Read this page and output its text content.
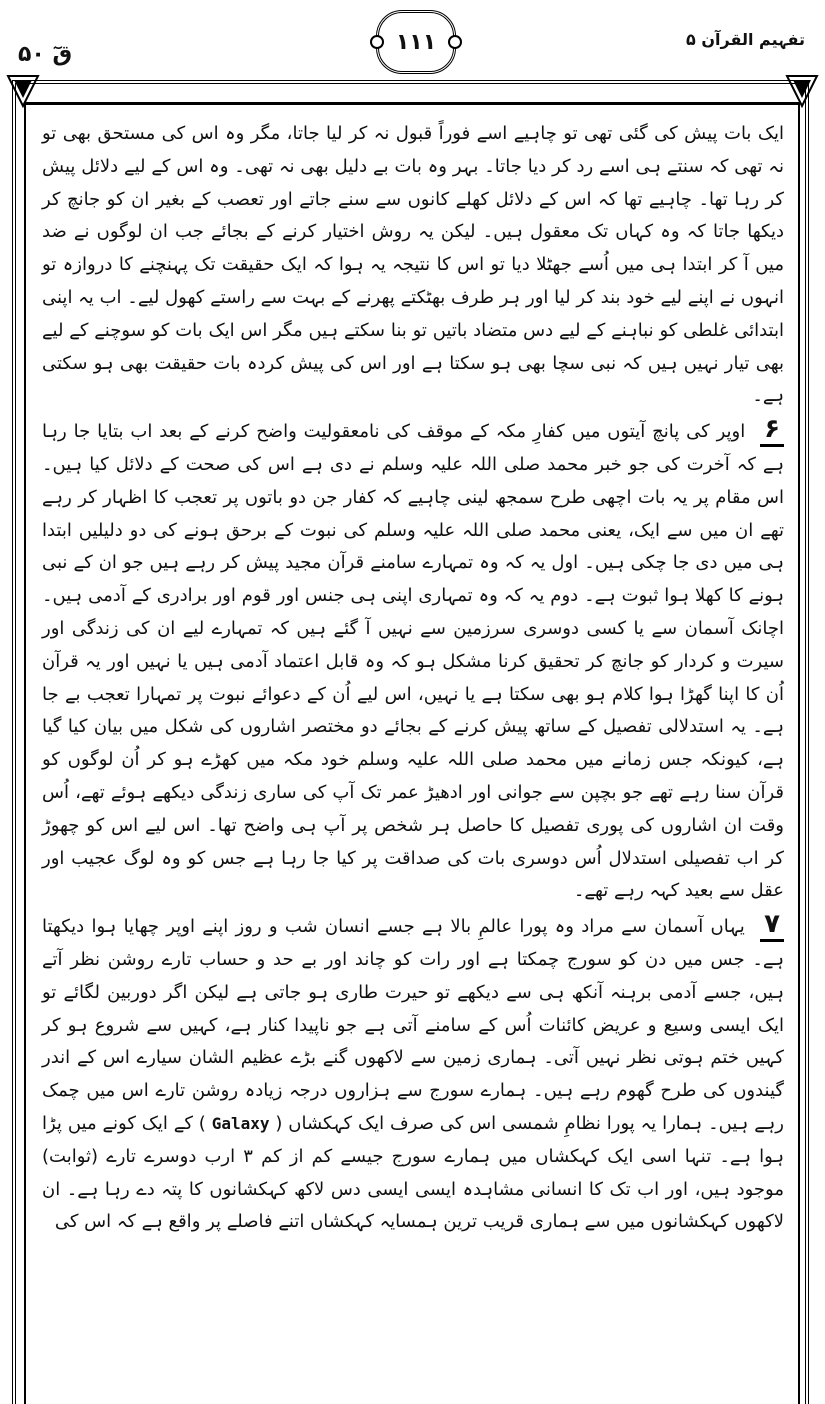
تفہیم القرآن ۵
۱۱۱
قٓ ۵۰

ایک بات پیش کی گئی تھی تو چاہیے اسے فوراً قبول نہ کر لیا جاتا، مگر وہ اس کی مستحق بھی تو نہ تھی کہ سنتے ہی اسے رد کر دیا جاتا۔ بہر وہ بات بے دلیل بھی نہ تھی۔ وہ اس کے لیے دلائل پیش کر رہا تھا۔ چاہیے تھا کہ اس کے دلائل کھلے کانوں سے سنے جاتے اور تعصب کے بغیر ان کو جانچ کر دیکھا جاتا کہ وہ کہاں تک معقول ہیں۔ لیکن یہ روش اختیار کرنے کے بجائے جب ان لوگوں نے ضد میں آ کر ابتدا ہی میں اُسے جھٹلا دیا تو اس کا نتیجہ یہ ہوا کہ ایک حقیقت تک پہنچنے کا دروازہ تو انہوں نے اپنے لیے خود بند کر لیا اور ہر طرف بھٹکتے پھرنے کے بہت سے راستے کھول لیے۔ اب یہ اپنی ابتدائی غلطی کو نباہنے کے لیے دس متضاد باتیں تو بنا سکتے ہیں مگر اس ایک بات کو سوچنے کے لیے بھی تیار نہیں ہیں کہ نبی سچا بھی ہو سکتا ہے اور اس کی پیش کردہ بات حقیقت بھی ہو سکتی ہے۔

۶ اوپر کی پانچ آیتوں میں کفارِ مکہ کے موقف کی نامعقولیت واضح کرنے کے بعد اب بتایا جا رہا ہے کہ آخرت کی جو خبر محمد صلی اللہ علیہ وسلم نے دی ہے اس کی صحت کے دلائل کیا ہیں۔ اس مقام پر یہ بات اچھی طرح سمجھ لینی چاہیے کہ کفار جن دو باتوں پر تعجب کا اظہار کر رہے تھے ان میں سے ایک، یعنی محمد صلی اللہ علیہ وسلم کی نبوت کے برحق ہونے کی دو دلیلیں ابتدا ہی میں دی جا چکی ہیں۔ اول یہ کہ وہ تمہارے سامنے قرآن مجید پیش کر رہے ہیں جو ان کے نبی ہونے کا کھلا ہوا ثبوت ہے۔ دوم یہ کہ وہ تمہاری اپنی ہی جنس اور قوم اور برادری کے آدمی ہیں۔ اچانک آسمان سے یا کسی دوسری سرزمین سے نہیں آ گئے ہیں کہ تمہارے لیے ان کی زندگی اور سیرت و کردار کو جانچ کر تحقیق کرنا مشکل ہو کہ وہ قابل اعتماد آدمی ہیں یا نہیں اور یہ قرآن اُن کا اپنا گھڑا ہوا کلام ہو بھی سکتا ہے یا نہیں، اس لیے اُن کے دعوائے نبوت پر تمہارا تعجب بے جا ہے۔ یہ استدلالی تفصیل کے ساتھ پیش کرنے کے بجائے دو مختصر اشاروں کی شکل میں بیان کیا گیا ہے، کیونکہ جس زمانے میں محمد صلی اللہ علیہ وسلم خود مکہ میں کھڑے ہو کر اُن لوگوں کو قرآن سنا رہے تھے جو بچپن سے جوانی اور ادھیڑ عمر تک آپ کی ساری زندگی دیکھے ہوئے تھے، اُس وقت ان اشاروں کی پوری تفصیل کا حاصل ہر شخص پر آپ ہی واضح تھا۔ اس لیے اس کو چھوڑ کر اب تفصیلی استدلال اُس دوسری بات کی صداقت پر کیا جا رہا ہے جس کو وہ لوگ عجیب اور عقل سے بعید کہہ رہے تھے۔

۷ یہاں آسمان سے مراد وہ پورا عالمِ بالا ہے جسے انسان شب و روز اپنے اوپر چھایا ہوا دیکھتا ہے۔ جس میں دن کو سورج چمکتا ہے اور رات کو چاند اور بے حد و حساب تارے روشن نظر آتے ہیں، جسے آدمی برہنہ آنکھ ہی سے دیکھے تو حیرت طاری ہو جاتی ہے لیکن اگر دوربین لگائے تو ایک ایسی وسیع و عریض کائنات اُس کے سامنے آتی ہے جو ناپیدا کنار ہے، کہیں سے شروع ہو کر کہیں ختم ہوتی نظر نہیں آتی۔ ہماری زمین سے لاکھوں گنے بڑے عظیم الشان سیارے اس کے اندر گیندوں کی طرح گھوم رہے ہیں۔ ہمارے سورج سے ہزاروں درجہ زیادہ روشن تارے اس میں چمک رہے ہیں۔ ہمارا یہ پورا نظامِ شمسی اس کی صرف ایک کہکشاں ( Galaxy ) کے ایک کونے میں پڑا ہوا ہے۔ تنہا اسی ایک کہکشاں میں ہمارے سورج جیسے کم از کم ۳ ارب دوسرے تارے (ثوابت) موجود ہیں، اور اب تک کا انسانی مشاہدہ ایسی ایسی دس لاکھ کہکشانوں کا پتہ دے رہا ہے۔ ان لاکھوں کہکشانوں میں سے ہماری قریب ترین ہمسایہ کہکشاں اتنے فاصلے پر واقع ہے کہ اس کی
